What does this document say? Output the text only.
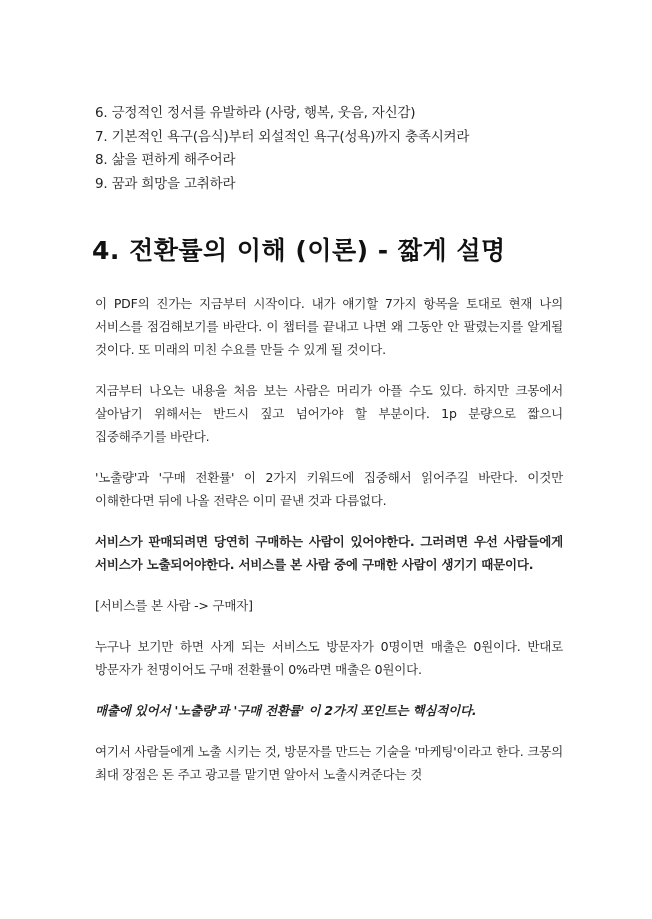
6. 긍정적인 정서를 유발하라 (사랑, 행복, 웃음, 자신감)
7. 기본적인 욕구(음식)부터 외설적인 욕구(성욕)까지 충족시켜라
8. 삶을 편하게 해주어라
9. 꿈과 희망을 고취하라
4. 전환률의 이해 (이론) - 짧게 설명

이 PDF의 진가는 지금부터 시작이다. 내가 얘기할 7가지 항목을 토대로 현재 나의 서비스를 점검해보기를 바란다. 이 챕터를 끝내고 나면 왜 그동안 안 팔렸는지를 알게될 것이다. 또 미래의 미친 수요를 만들 수 있게 될 것이다.

지금부터 나오는 내용을 처음 보는 사람은 머리가 아플 수도 있다. 하지만 크몽에서 살아남기 위해서는 반드시 짚고 넘어가야 할 부분이다. 1p 분량으로 짧으니 집중해주기를 바란다.

'노출량'과 '구매 전환률' 이 2가지 키워드에 집중해서 읽어주길 바란다. 이것만 이해한다면 뒤에 나올 전략은 이미 끝낸 것과 다름없다.

서비스가 판매되려면 당연히 구매하는 사람이 있어야한다. 그러려면 우선 사람들에게 서비스가 노출되어야한다. 서비스를 본 사람 중에 구매한 사람이 생기기 때문이다.

[서비스를 본 사람 -> 구매자]

누구나 보기만 하면 사게 되는 서비스도 방문자가 0명이면 매출은 0원이다. 반대로 방문자가 천명이어도 구매 전환률이 0%라면 매출은 0원이다.

매출에 있어서 '노출량'과 '구매 전환률' 이 2가지 포인트는 핵심적이다.

여기서 사람들에게 노출 시키는 것, 방문자를 만드는 기술을 '마케팅'이라고 한다. 크몽의 최대 장점은 돈 주고 광고를 맡기면 알아서 노출시켜준다는 것
